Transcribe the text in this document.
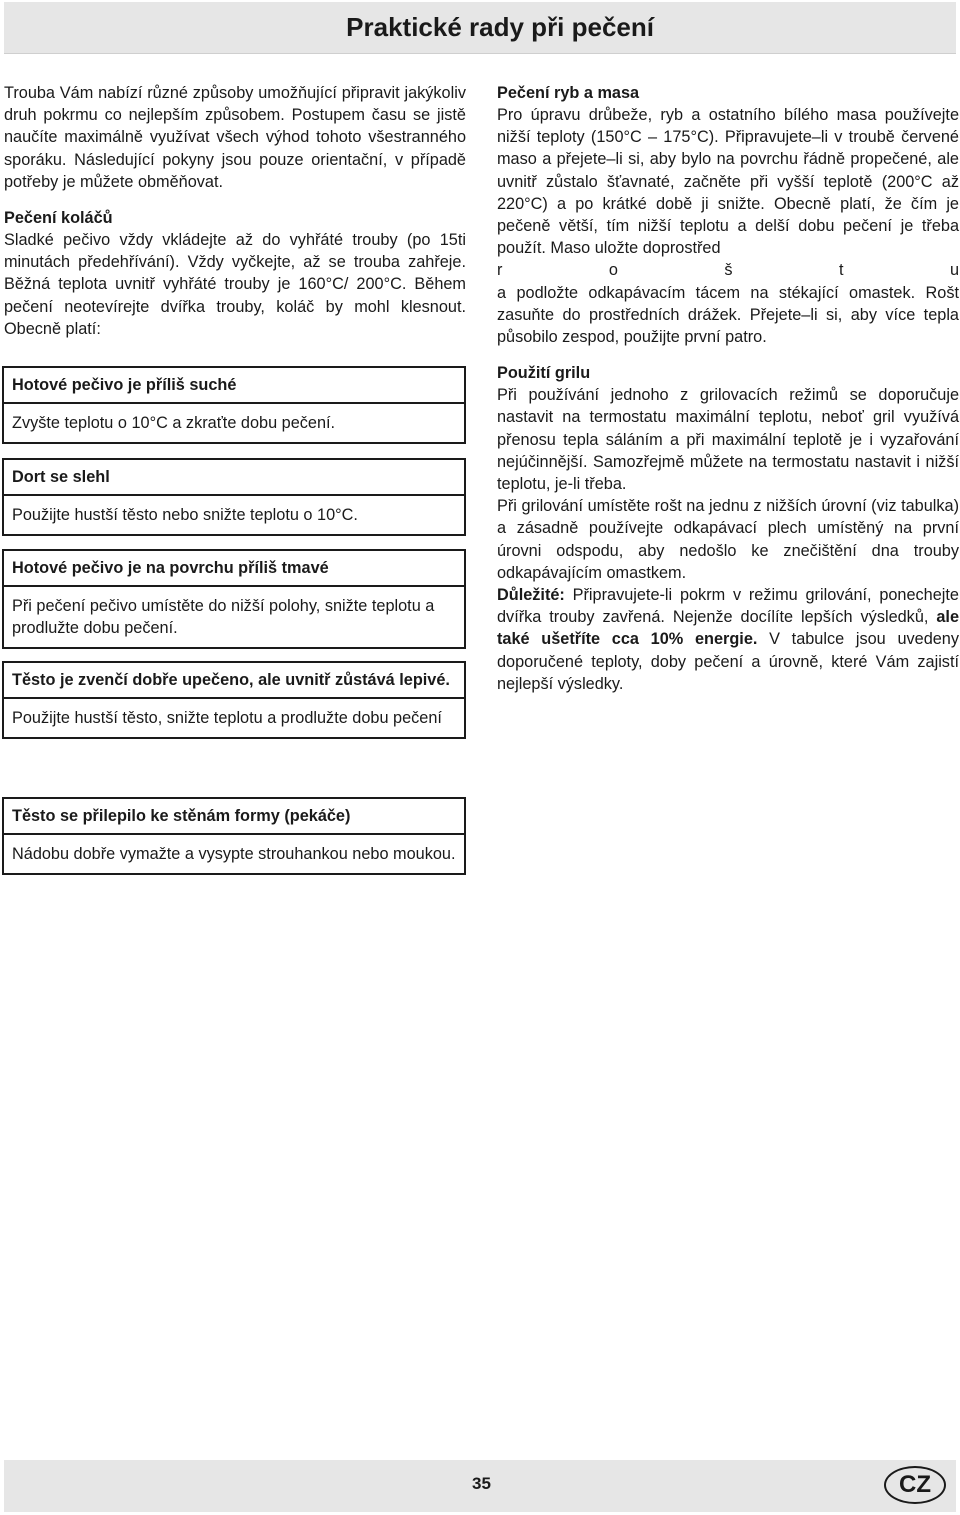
Praktické rady při pečení

Trouba Vám nabízí různé způsoby umožňující připravit jakýkoliv druh pokrmu co nejlepším způsobem. Postupem času se jistě naučíte maximálně využívat všech výhod tohoto všestranného sporáku. Následující pokyny jsou pouze orientační, v případě potřeby je můžete obměňovat.

Pečení koláčů

Sladké pečivo vždy vkládejte až do vyhřáté trouby (po 15ti minutách předehřívání). Vždy vyčkejte, až se trouba zahřeje. Běžná teplota uvnitř vyhřáté trouby je 160°C/ 200°C. Během pečení neotevírejte dvířka trouby, koláč by mohl klesnout. Obecně platí:

Hotové pečivo je příliš suché
Zvyšte teplotu o 10°C a zkraťte dobu pečení.
Dort se slehl
Použijte hustší těsto nebo snižte teplotu o 10°C.
Hotové pečivo je na povrchu příliš tmavé
Při pečení pečivo umístěte do nižší polohy, snižte teplotu a prodlužte dobu pečení.
Těsto je zvenčí dobře upečeno, ale uvnitř zůstává lepivé.
Použijte hustší těsto, snižte teplotu a prodlužte dobu pečení
Těsto se přilepilo ke stěnám formy (pekáče)
Nádobu dobře vymažte a vysypte strouhankou nebo moukou.
Pečení ryb a masa

Pro úpravu drůbeže, ryb a ostatního bílého masa používejte nižší teploty (150°C – 175°C). Připravujete–li v troubě červené maso a přejete–li si, aby bylo na povrchu řádně propečené, ale uvnitř zůstalo šťavnaté, začněte při vyšší teplotě (200°C až 220°C) a po krátké době ji snižte. Obecně platí, že čím je pečeně větší, tím nižší teplotu a delší dobu pečení je třeba použít. Maso uložte doprostřed

r o š t u

a podložte odkapávacím tácem na stékající omastek. Rošt zasuňte do prostředních drážek. Přejete–li si, aby více tepla působilo zespod, použijte první patro.

Použití grilu

Při používání jednoho z grilovacích režimů se doporučuje nastavit na termostatu maximální teplotu, neboť gril využívá přenosu tepla sáláním a při maximální teplotě je i vyzařování nejúčinnější. Samozřejmě můžete na termostatu nastavit i nižší teplotu, je-li třeba.

Při grilování umístěte rošt na jednu z nižších úrovní (viz tabulka) a zásadně používejte odkapávací plech umístěný na první úrovni odspodu, aby nedošlo ke znečištění dna trouby odkapávajícím omastkem.

Důležité: Připravujete-li pokrm v režimu grilování, ponechejte dvířka trouby zavřená. Nejenže docílíte lepších výsledků, ale také ušetříte cca 10% energie. V tabulce jsou uvedeny doporučené teploty, doby pečení a úrovně, které Vám zajistí nejlepší výsledky.

35	CZ
